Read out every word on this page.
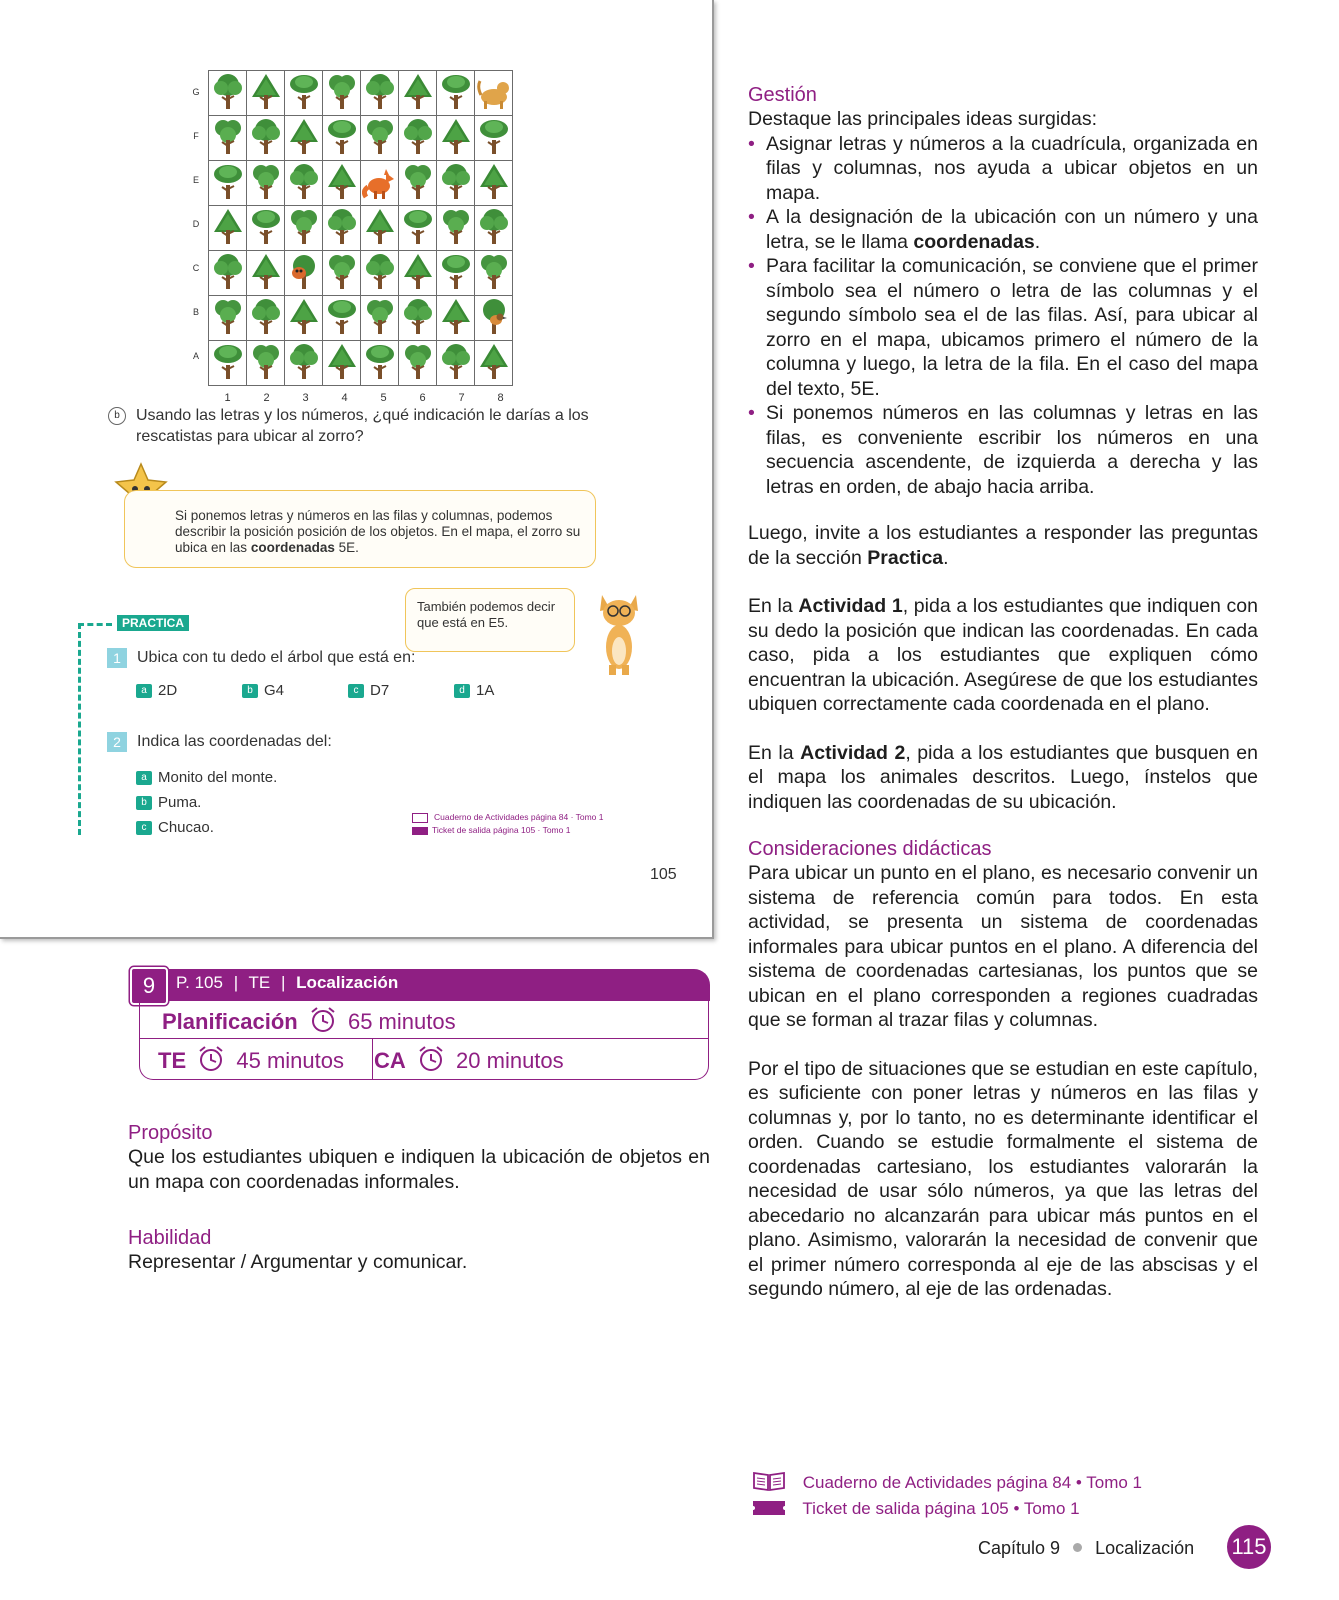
G
F
E
D
C
B
A

1	2	3	4	5	6	7	8
b	Usando las letras y los números, ¿qué indicación le darías a los rescatistas para ubicar al zorro?
Si ponemos letras y números en las filas y columnas, podemos describir la posición posición de los objetos. En el mapa, el zorro su ubica en las coordenadas 5E.
También podemos decir que está en E5.
PRACTICA
1 Ubica con tu dedo el árbol que está en:
a 2D	b G4	c D7	d 1A
2 Indica las coordenadas del:
a Monito del monte.
b Puma.
c Chucao.
Cuaderno de Actividades página 84 · Tomo 1
Ticket de salida página 105 · Tomo 1
105
9	P. 105 | TE | Localización
Planificación 65 minutos
TE 45 minutos CA 20 minutos
Propósito
Que los estudiantes ubiquen e indiquen la ubicación de objetos en un mapa con coordenadas informales.
Habilidad
Representar / Argumentar y comunicar.
Gestión
Destaque las principales ideas surgidas:
• Asignar letras y números a la cuadrícula, organizada en filas y columnas, nos ayuda a ubicar objetos en un mapa.
• A la designación de la ubicación con un número y una letra, se le llama coordenadas.
• Para facilitar la comunicación, se conviene que el primer símbolo sea el número o letra de las columnas y el segundo símbolo sea el de las filas. Así, para ubicar al zorro en el mapa, ubicamos primero el número de la columna y luego, la letra de la fila. En el caso del mapa del texto, 5E.
• Si ponemos números en las columnas y letras en las filas, es conveniente escribir los números en una secuencia ascendente, de izquierda a derecha y las letras en orden, de abajo hacia arriba.
Luego, invite a los estudiantes a responder las preguntas de la sección Practica.
En la Actividad 1, pida a los estudiantes que indiquen con su dedo la posición que indican las coordenadas. En cada caso, pida a los estudiantes que expliquen cómo encuentran la ubicación. Asegúrese de que los estudiantes ubiquen correctamente cada coordenada en el plano.
En la Actividad 2, pida a los estudiantes que busquen en el mapa los animales descritos. Luego, ínstelos que indiquen las coordenadas de su ubicación.
Consideraciones didácticas
Para ubicar un punto en el plano, es necesario convenir un sistema de referencia común para todos. En esta actividad, se presenta un sistema de coordenadas informales para ubicar puntos en el plano. A diferencia del sistema de coordenadas cartesianas, los puntos que se ubican en el plano corresponden a regiones cuadradas que se forman al trazar filas y columnas.
Por el tipo de situaciones que se estudian en este capítulo, es suficiente con poner letras y números en las filas y columnas y, por lo tanto, no es determinante identificar el orden. Cuando se estudie formalmente el sistema de coordenadas cartesiano, los estudiantes valorarán la necesidad de usar sólo números, ya que las letras del abecedario no alcanzarán para ubicar más puntos en el plano. Asimismo, valorarán la necesidad de convenir que el primer número corresponda al eje de las abscisas y el segundo número, al eje de las ordenadas.
Cuaderno de Actividades página 84 • Tomo 1
Ticket de salida página 105 • Tomo 1
Capítulo 9 Localización 115
